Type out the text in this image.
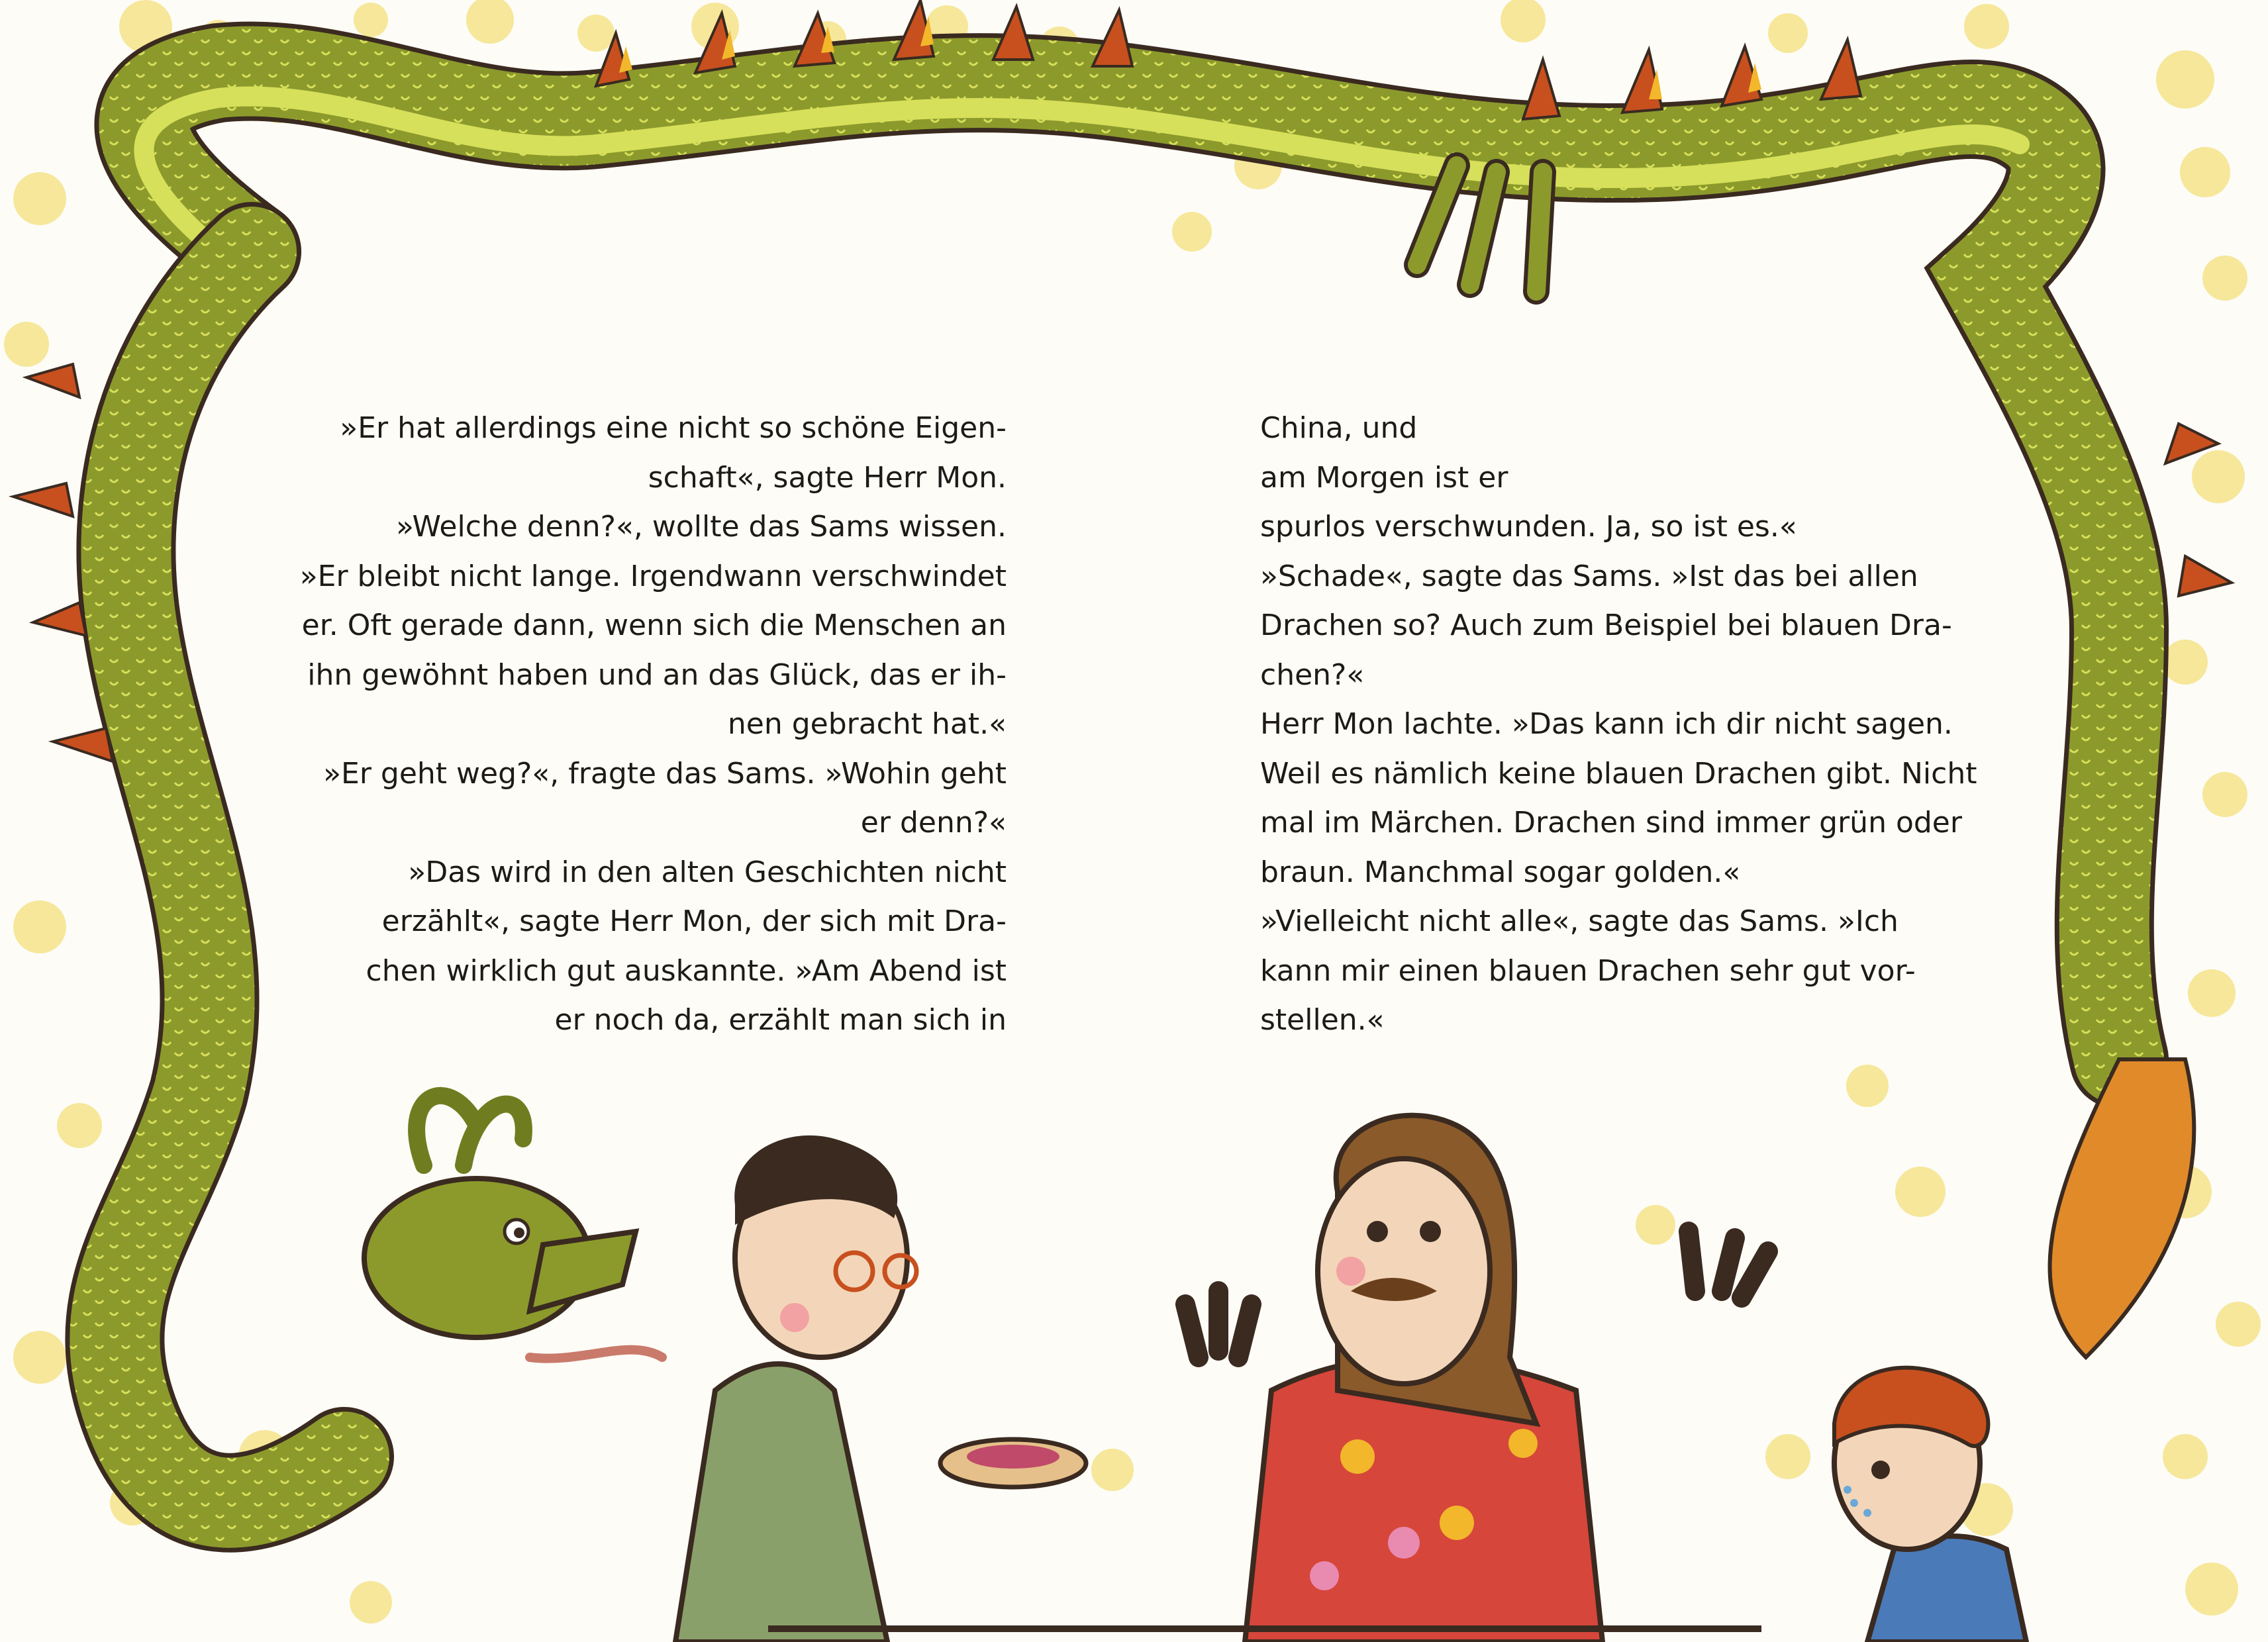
»Er hat allerdings eine nicht so schöne Eigen-
schaft«, sagte Herr Mon.
»Welche denn?«, wollte das Sams wissen.
»Er bleibt nicht lange. Irgendwann verschwindet
er. Oft gerade dann, wenn sich die Menschen an
ihn gewöhnt haben und an das Glück, das er ih-
nen gebracht hat.«
»Er geht weg?«, fragte das Sams. »Wohin geht
er denn?«
»Das wird in den alten Geschichten nicht
erzählt«, sagte Herr Mon, der sich mit Dra-
chen wirklich gut auskannte. »Am Abend ist
er noch da, erzählt man sich in
China, und
am Morgen ist er
spurlos verschwunden. Ja, so ist es.«
»Schade«, sagte das Sams. »Ist das bei allen
Drachen so? Auch zum Beispiel bei blauen Dra-
chen?«
Herr Mon lachte. »Das kann ich dir nicht sagen.
Weil es nämlich keine blauen Drachen gibt. Nicht
mal im Märchen. Drachen sind immer grün oder
braun. Manchmal sogar golden.«
»Vielleicht nicht alle«, sagte das Sams. »Ich
kann mir einen blauen Drachen sehr gut vor-
stellen.«
